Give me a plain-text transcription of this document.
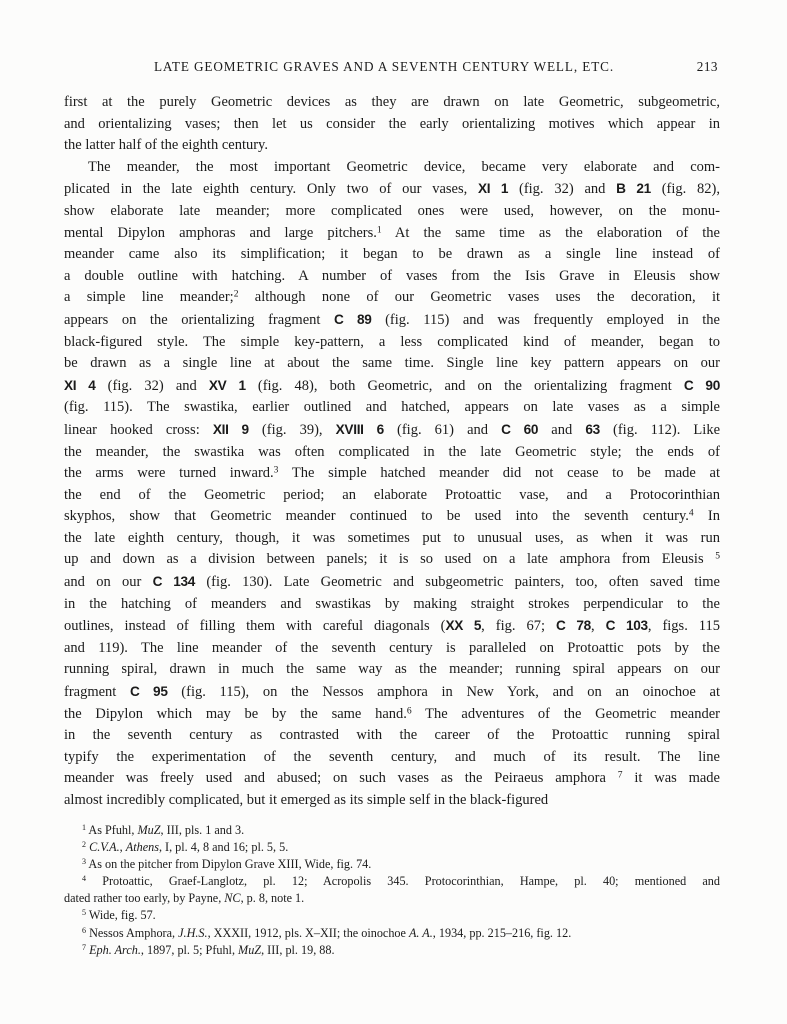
LATE GEOMETRIC GRAVES AND A SEVENTH CENTURY WELL, ETC.	213
first at the purely Geometric devices as they are drawn on late Geometric, subgeometric,
and orientalizing vases; then let us consider the early orientalizing motives which appear in
the latter half of the eighth century.
The meander, the most important Geometric device, became very elaborate and com-
plicated in the late eighth century. Only two of our vases, XI 1 (fig. 32) and B 21 (fig. 82),
show elaborate late meander; more complicated ones were used, however, on the monu-
mental Dipylon amphoras and large pitchers.$^1$ At the same time as the elaboration of the
meander came also its simplification; it began to be drawn as a single line instead of
a double outline with hatching. A number of vases from the Isis Grave in Eleusis show
a simple line meander;$^2$ although none of our Geometric vases uses the decoration, it
appears on the orientalizing fragment C 89 (fig. 115) and was frequently employed in the
black-figured style. The simple key-pattern, a less complicated kind of meander, began to
be drawn as a single line at about the same time. Single line key pattern appears on our
XI 4 (fig. 32) and XV 1 (fig. 48), both Geometric, and on the orientalizing fragment C 90
(fig. 115). The swastika, earlier outlined and hatched, appears on late vases as a simple
linear hooked cross: XII 9 (fig. 39), XVIII 6 (fig. 61) and C 60 and 63 (fig. 112). Like
the meander, the swastika was often complicated in the late Geometric style; the ends of
the arms were turned inward.$^3$ The simple hatched meander did not cease to be made at
the end of the Geometric period; an elaborate Protoattic vase, and a Protocorinthian
skyphos, show that Geometric meander continued to be used into the seventh century.$^4$ In
the late eighth century, though, it was sometimes put to unusual uses, as when it was run
up and down as a division between panels; it is so used on a late amphora from Eleusis $^5$
and on our C 134 (fig. 130). Late Geometric and subgeometric painters, too, often saved time
in the hatching of meanders and swastikas by making straight strokes perpendicular to the
outlines, instead of filling them with careful diagonals (XX 5, fig. 67; C 78, C 103, figs. 115
and 119). The line meander of the seventh century is paralleled on Protoattic pots by the
running spiral, drawn in much the same way as the meander; running spiral appears on our
fragment C 95 (fig. 115), on the Nessos amphora in New York, and on an oinochoe at
the Dipylon which may be by the same hand.$^6$ The adventures of the Geometric meander
in the seventh century as contrasted with the career of the Protoattic running spiral
typify the experimentation of the seventh century, and much of its result. The line
meander was freely used and abused; on such vases as the Peiraeus amphora $^7$ it was made
almost incredibly complicated, but it emerged as its simple self in the black-figured
$^1$ As Pfuhl, MuZ, III, pls. 1 and 3.
$^2$ C.V.A., Athens, I, pl. 4, 8 and 16; pl. 5, 5.
$^3$ As on the pitcher from Dipylon Grave XIII, Wide, fig. 74.
$^4$ Protoattic, Graef-Langlotz, pl. 12; Acropolis 345. Protocorinthian, Hampe, pl. 40; mentioned and
dated rather too early, by Payne, NC, p. 8, note 1.
$^5$ Wide, fig. 57.
$^6$ Nessos Amphora, J.H.S., XXXII, 1912, pls. X–XII; the oinochoe A. A., 1934, pp. 215–216, fig. 12.
$^7$ Eph. Arch., 1897, pl. 5; Pfuhl, MuZ, III, pl. 19, 88.
